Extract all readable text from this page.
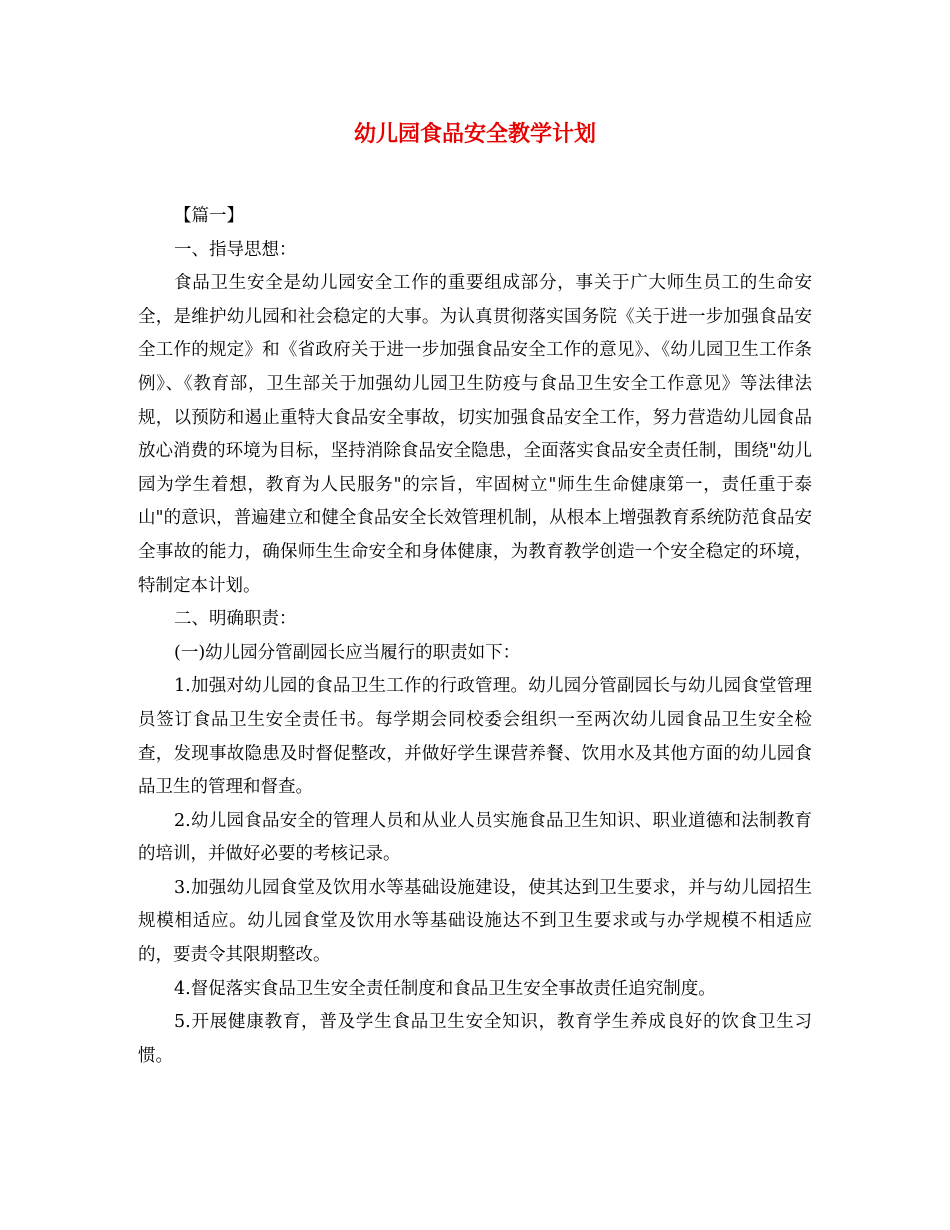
幼儿园食品安全教学计划

【篇一】

一、指导思想：

食品卫生安全是幼儿园安全工作的重要组成部分，事关于广大师生员工的生命安全，是维护幼儿园和社会稳定的大事。为认真贯彻落实国务院《关于进一步加强食品安全工作的规定》和《省政府关于进一步加强食品安全工作的意见》、《幼儿园卫生工作条例》、《教育部，卫生部关于加强幼儿园卫生防疫与食品卫生安全工作意见》等法律法规，以预防和遏止重特大食品安全事故，切实加强食品安全工作，努力营造幼儿园食品放心消费的环境为目标，坚持消除食品安全隐患，全面落实食品安全责任制，围绕"幼儿园为学生着想，教育为人民服务"的宗旨，牢固树立"师生生命健康第一，责任重于泰山"的意识，普遍建立和健全食品安全长效管理机制，从根本上增强教育系统防范食品安全事故的能力，确保师生生命安全和身体健康，为教育教学创造一个安全稳定的环境，特制定本计划。

二、明确职责：

(一)幼儿园分管副园长应当履行的职责如下：

1.加强对幼儿园的食品卫生工作的行政管理。幼儿园分管副园长与幼儿园食堂管理员签订食品卫生安全责任书。每学期会同校委会组织一至两次幼儿园食品卫生安全检查，发现事故隐患及时督促整改，并做好学生课营养餐、饮用水及其他方面的幼儿园食品卫生的管理和督查。

2.幼儿园食品安全的管理人员和从业人员实施食品卫生知识、职业道德和法制教育的培训，并做好必要的考核记录。

3.加强幼儿园食堂及饮用水等基础设施建设，使其达到卫生要求，并与幼儿园招生规模相适应。幼儿园食堂及饮用水等基础设施达不到卫生要求或与办学规模不相适应的，要责令其限期整改。

4.督促落实食品卫生安全责任制度和食品卫生安全事故责任追究制度。

5.开展健康教育，普及学生食品卫生安全知识，教育学生养成良好的饮食卫生习惯。
